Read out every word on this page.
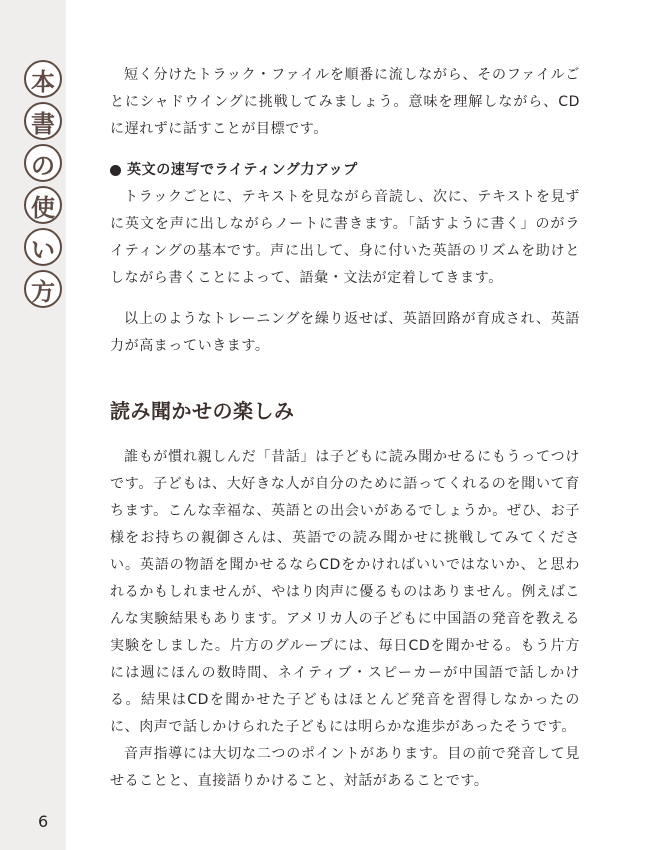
本
書
の
使
い
方
6

短く分けたトラック・ファイルを順番に流しながら、そのファイルごとにシャドウイングに挑戦してみましょう。意味を理解しながら、CDに遅れずに話すことが目標です。

英文の速写でライティング力アップ

トラックごとに、テキストを見ながら音読し、次に、テキストを見ずに英文を声に出しながらノートに書きます。「話すように書く」のがライティングの基本です。声に出して、身に付いた英語のリズムを助けとしながら書くことによって、語彙・文法が定着してきます。

以上のようなトレーニングを繰り返せば、英語回路が育成され、英語力が高まっていきます。

読み聞かせの楽しみ

誰もが慣れ親しんだ「昔話」は子どもに読み聞かせるにもうってつけです。子どもは、大好きな人が自分のために語ってくれるのを聞いて育ちます。こんな幸福な、英語との出会いがあるでしょうか。ぜひ、お子様をお持ちの親御さんは、英語での読み聞かせに挑戦してみてください。英語の物語を聞かせるならCDをかければいいではないか、と思われるかもしれませんが、やはり肉声に優るものはありません。例えばこんな実験結果もあります。アメリカ人の子どもに中国語の発音を教える実験をしました。片方のグループには、毎日CDを聞かせる。もう片方には週にほんの数時間、ネイティブ・スピーカーが中国語で話しかける。結果はCDを聞かせた子どもはほとんど発音を習得しなかったのに、肉声で話しかけられた子どもには明らかな進歩があったそうです。

音声指導には大切な二つのポイントがあります。目の前で発音して見せることと、直接語りかけること、対話があることです。
